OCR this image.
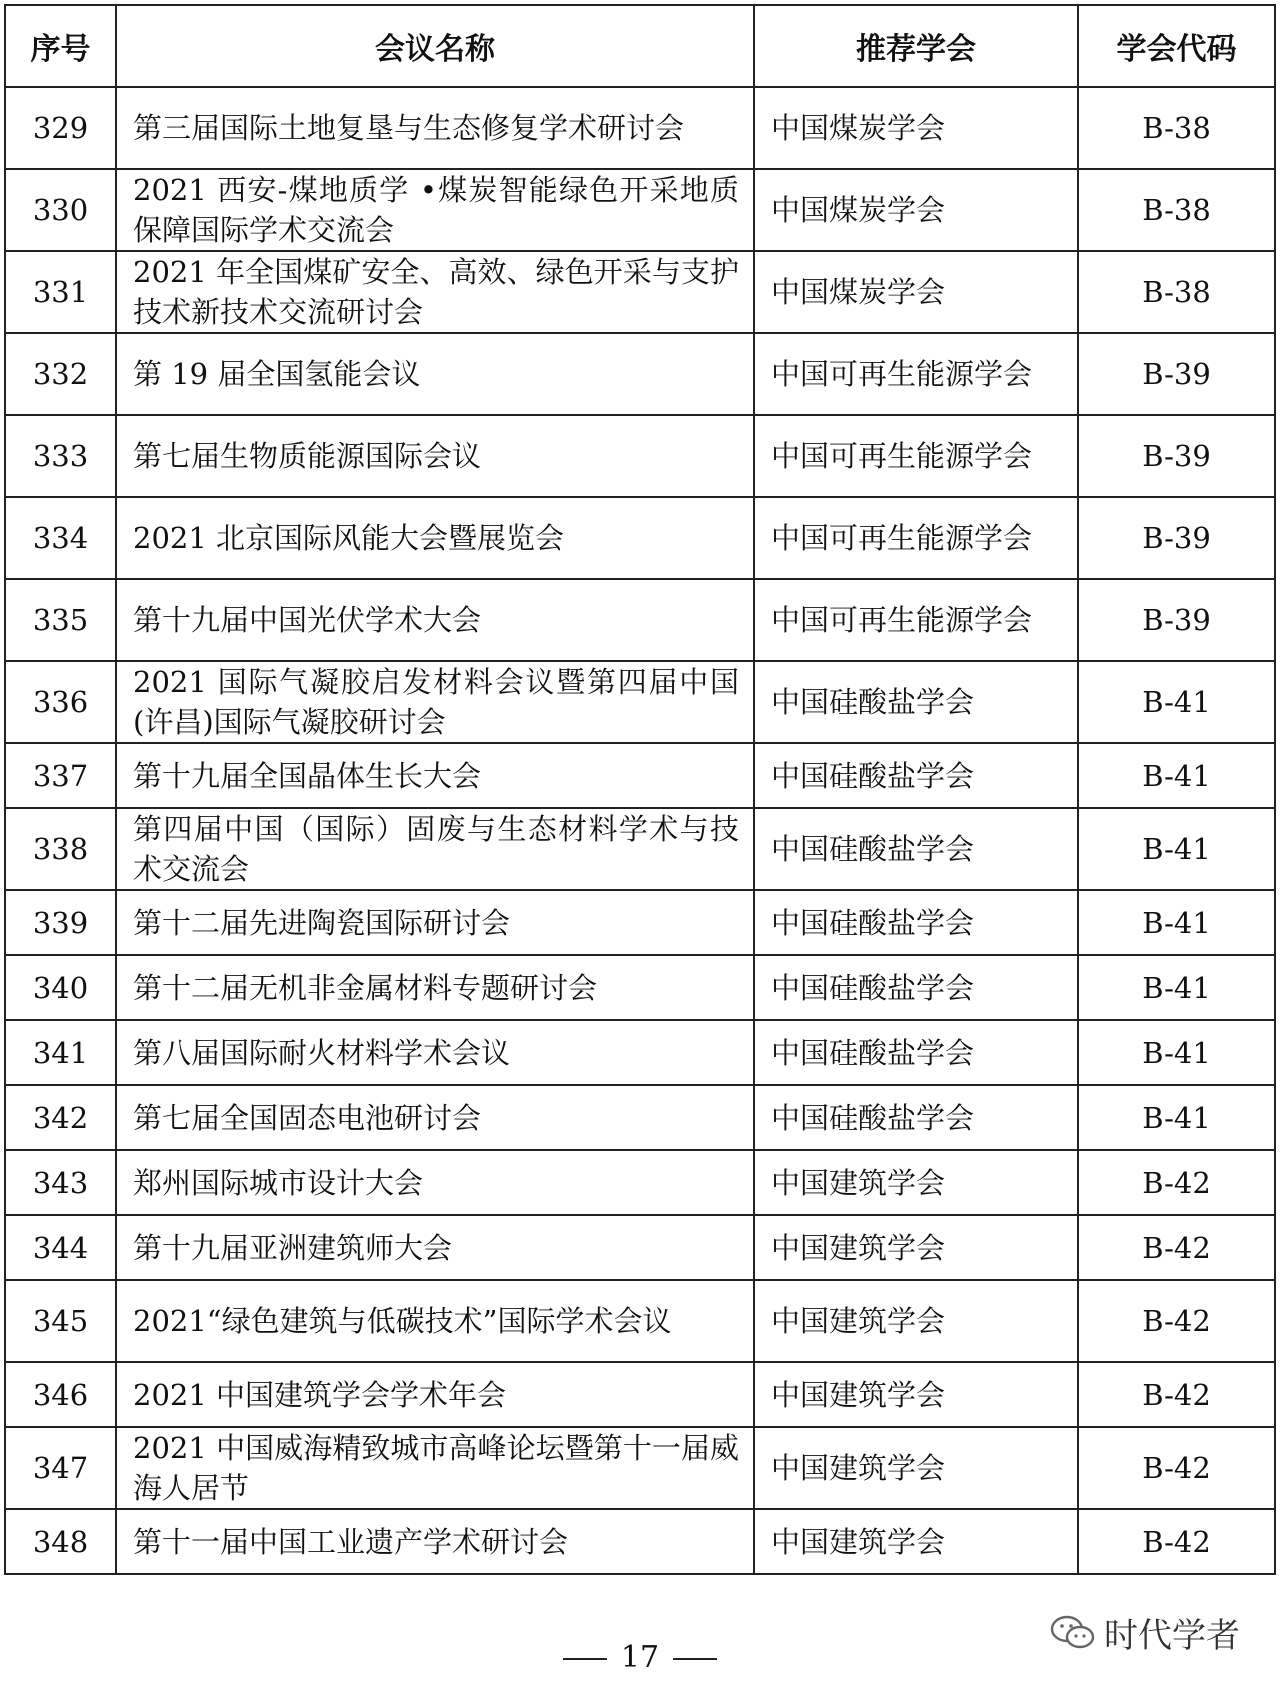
序号	会议名称	推荐学会	学会代码
329	第三届国际土地复垦与生态修复学术研讨会	中国煤炭学会	B-38
330	2021 西安-煤地质学 •煤炭智能绿色开采地质保障国际学术交流会	中国煤炭学会	B-38
331	2021 年全国煤矿安全、高效、绿色开采与支护技术新技术交流研讨会	中国煤炭学会	B-38
332	第 19 届全国氢能会议	中国可再生能源学会	B-39
333	第七届生物质能源国际会议	中国可再生能源学会	B-39
334	2021 北京国际风能大会暨展览会	中国可再生能源学会	B-39
335	第十九届中国光伏学术大会	中国可再生能源学会	B-39
336	2021 国际气凝胶启发材料会议暨第四届中国(许昌)国际气凝胶研讨会	中国硅酸盐学会	B-41
337	第十九届全国晶体生长大会	中国硅酸盐学会	B-41
338	第四届中国（国际）固废与生态材料学术与技术交流会	中国硅酸盐学会	B-41
339	第十二届先进陶瓷国际研讨会	中国硅酸盐学会	B-41
340	第十二届无机非金属材料专题研讨会	中国硅酸盐学会	B-41
341	第八届国际耐火材料学术会议	中国硅酸盐学会	B-41
342	第七届全国固态电池研讨会	中国硅酸盐学会	B-41
343	郑州国际城市设计大会	中国建筑学会	B-42
344	第十九届亚洲建筑师大会	中国建筑学会	B-42
345	2021“绿色建筑与低碳技术”国际学术会议	中国建筑学会	B-42
346	2021 中国建筑学会学术年会	中国建筑学会	B-42
347	2021 中国威海精致城市高峰论坛暨第十一届威海人居节	中国建筑学会	B-42
348	第十一届中国工业遗产学术研讨会	中国建筑学会	B-42
时代学者
17
